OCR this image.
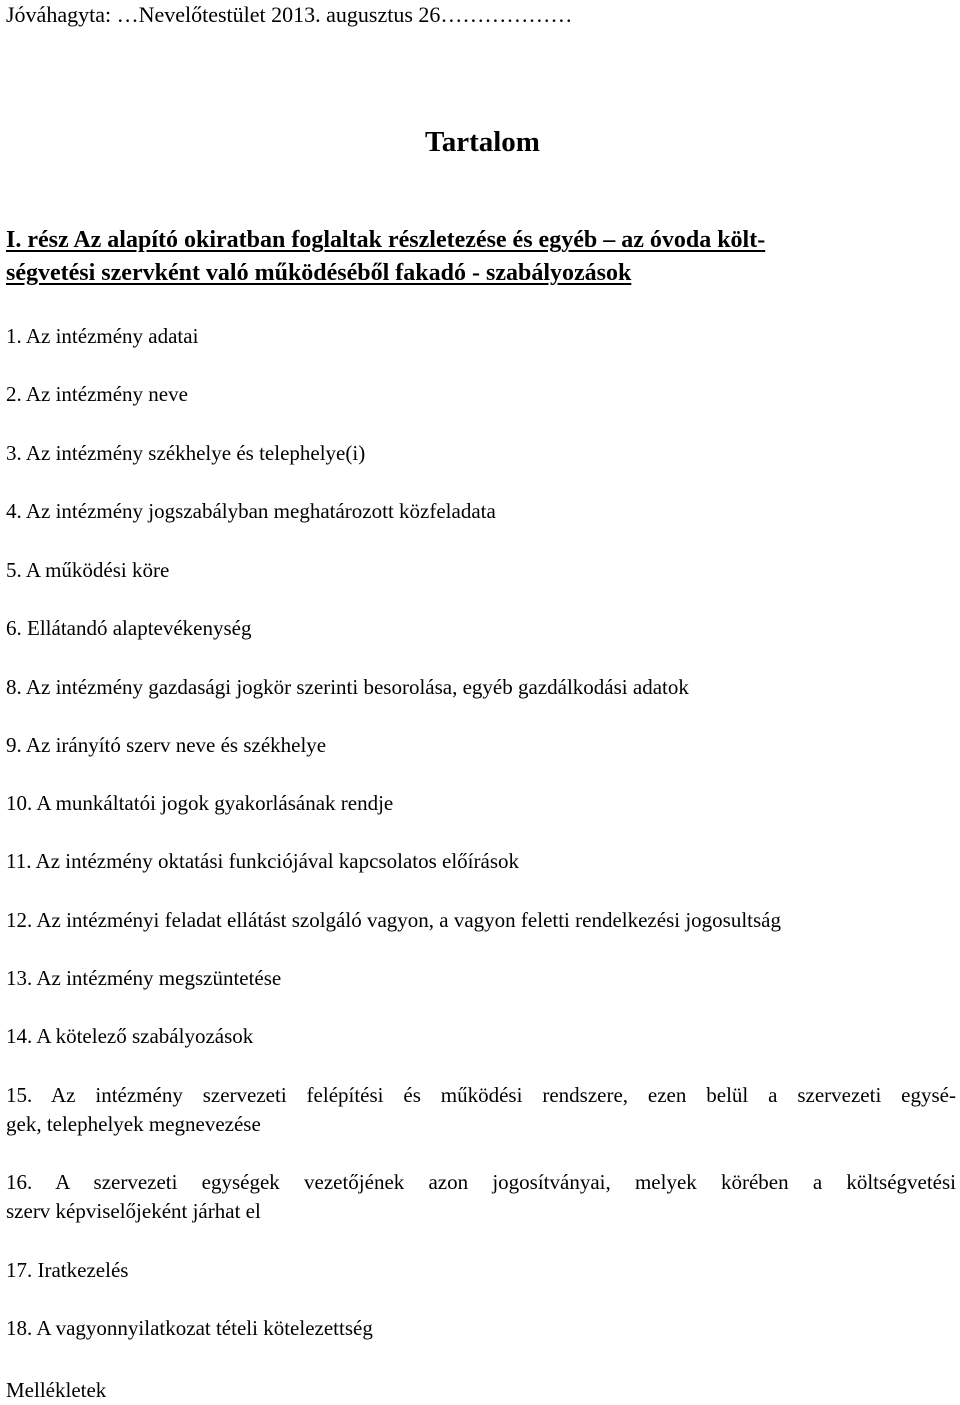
Jóváhagyta: …Nevelőtestület 2013. augusztus 26………………
Tartalom
I. rész Az alapító okiratban foglaltak részletezése és egyéb – az óvoda költ-
ségvetési szervként való működéséből fakadó - szabályozások
1. Az intézmény adatai
2. Az intézmény neve
3. Az intézmény székhelye és telephelye(i)
4. Az intézmény jogszabályban meghatározott közfeladata
5. A működési köre
6. Ellátandó alaptevékenység
8. Az intézmény gazdasági jogkör szerinti besorolása, egyéb gazdálkodási adatok
9. Az irányító szerv neve és székhelye
10. A munkáltatói jogok gyakorlásának rendje
11. Az intézmény oktatási funkciójával kapcsolatos előírások
12. Az intézményi feladat ellátást szolgáló vagyon, a vagyon feletti rendelkezési jogosultság
13. Az intézmény megszüntetése
14. A kötelező szabályozások
15. Az intézmény szervezeti felépítési és működési rendszere, ezen belül a szervezeti egysé-
gek, telephelyek megnevezése
16. A szervezeti egységek vezetőjének azon jogosítványai, melyek körében a költségvetési
szerv képviselőjeként járhat el
17. Iratkezelés
18. A vagyonnyilatkozat tételi kötelezettség
Mellékletek
